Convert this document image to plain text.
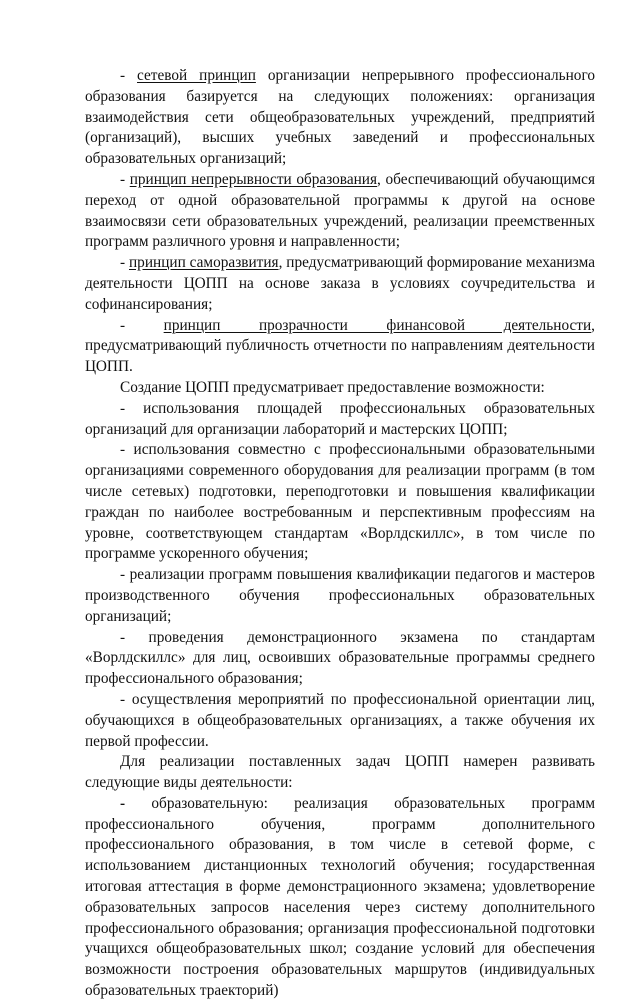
- сетевой принцип организации непрерывного профессионального образования базируется на следующих положениях: организация взаимодействия сети общеобразовательных учреждений, предприятий (организаций), высших учебных заведений и профессиональных образовательных организаций;

- принцип непрерывности образования, обеспечивающий обучающимся переход от одной образовательной программы к другой на основе взаимосвязи сети образовательных учреждений, реализации преемственных программ различного уровня и направленности;

- принцип саморазвития, предусматривающий формирование механизма деятельности ЦОПП на основе заказа в условиях соучредительства и софинансирования;

- принцип прозрачности финансовой деятельности, предусматривающий публичность отчетности по направлениям деятельности ЦОПП.

Создание ЦОПП предусматривает предоставление возможности:

- использования площадей профессиональных образовательных организаций для организации лабораторий и мастерских ЦОПП;

- использования совместно с профессиональными образовательными организациями современного оборудования для реализации программ (в том числе сетевых) подготовки, переподготовки и повышения квалификации граждан по наиболее востребованным и перспективным профессиям на уровне, соответствующем стандартам «Ворлдскиллс», в том числе по программе ускоренного обучения;

- реализации программ повышения квалификации педагогов и мастеров производственного обучения профессиональных образовательных организаций;

- проведения демонстрационного экзамена по стандартам «Ворлдскиллс» для лиц, освоивших образовательные программы среднего профессионального образования;

- осуществления мероприятий по профессиональной ориентации лиц, обучающихся в общеобразовательных организациях, а также обучения их первой профессии.

Для реализации поставленных задач ЦОПП намерен развивать следующие виды деятельности:

- образовательную: реализация образовательных программ профессионального обучения, программ дополнительного профессионального образования, в том числе в сетевой форме, с использованием дистанционных технологий обучения; государственная итоговая аттестация в форме демонстрационного экзамена; удовлетворение образовательных запросов населения через систему дополнительного профессионального образования; организация профессиональной подготовки учащихся общеобразовательных школ; создание условий для обеспечения возможности построения образовательных маршрутов (индивидуальных образовательных траекторий)
